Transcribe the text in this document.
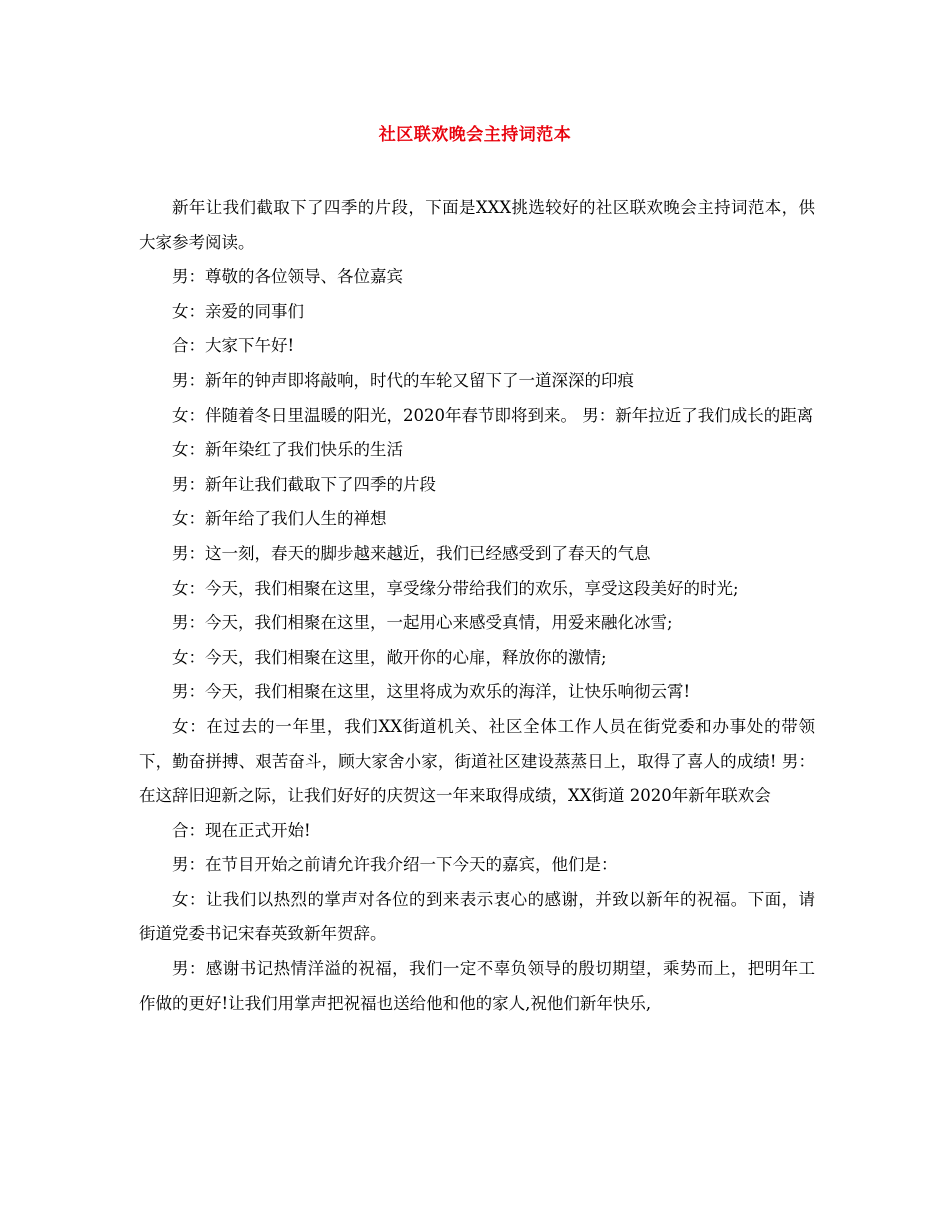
社区联欢晚会主持词范本

新年让我们截取下了四季的片段，下面是XXX挑选较好的社区联欢晚会主持词范本，供大家参考阅读。

男：尊敬的各位领导、各位嘉宾

女：亲爱的同事们

合：大家下午好!

男：新年的钟声即将敲响，时代的车轮又留下了一道深深的印痕

女：伴随着冬日里温暖的阳光，2020年春节即将到来。 男：新年拉近了我们成长的距离

女：新年染红了我们快乐的生活

男：新年让我们截取下了四季的片段

女：新年给了我们人生的禅想

男：这一刻，春天的脚步越来越近，我们已经感受到了春天的气息

女：今天，我们相聚在这里，享受缘分带给我们的欢乐，享受这段美好的时光;

男：今天，我们相聚在这里，一起用心来感受真情，用爱来融化冰雪;

女：今天，我们相聚在这里，敞开你的心扉，释放你的激情;

男：今天，我们相聚在这里，这里将成为欢乐的海洋，让快乐响彻云霄!

女：在过去的一年里，我们XX街道机关、社区全体工作人员在街党委和办事处的带领下，勤奋拼搏、艰苦奋斗，顾大家舍小家，街道社区建设蒸蒸日上，取得了喜人的成绩! 男：在这辞旧迎新之际，让我们好好的庆贺这一年来取得成绩，XX街道 2020年新年联欢会

合：现在正式开始!

男：在节目开始之前请允许我介绍一下今天的嘉宾，他们是：

女：让我们以热烈的掌声对各位的到来表示衷心的感谢，并致以新年的祝福。下面，请街道党委书记宋春英致新年贺辞。

男：感谢书记热情洋溢的祝福，我们一定不辜负领导的殷切期望，乘势而上，把明年工作做的更好!让我们用掌声把祝福也送给他和他的家人,祝他们新年快乐,
